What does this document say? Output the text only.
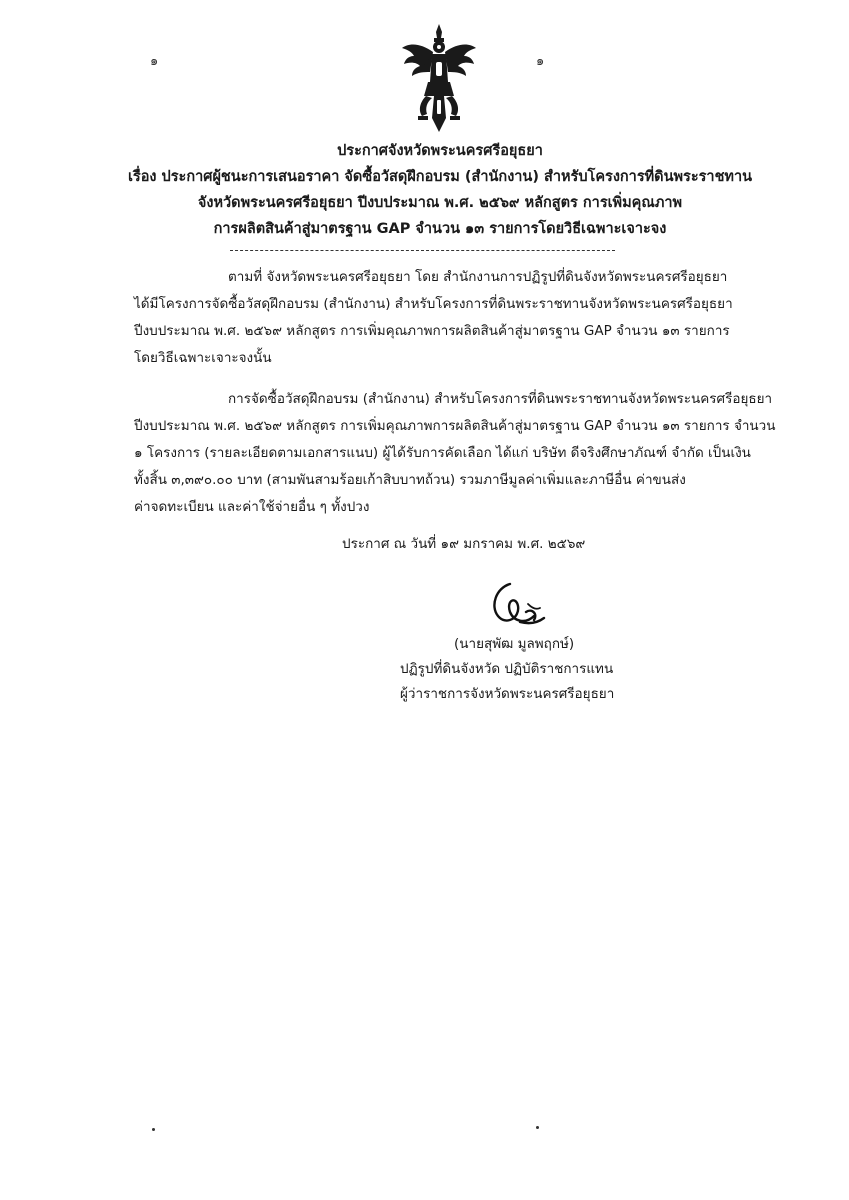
๑	๑
ประกาศจังหวัดพระนครศรีอยุธยา
เรื่อง ประกาศผู้ชนะการเสนอราคา จัดซื้อวัสดุฝึกอบรม (สำนักงาน) สำหรับโครงการที่ดินพระราชทาน
จังหวัดพระนครศรีอยุธยา ปีงบประมาณ พ.ศ. ๒๕๖๙ หลักสูตร การเพิ่มคุณภาพ
การผลิตสินค้าสู่มาตรฐาน GAP จำนวน ๑๓ รายการโดยวิธีเฉพาะเจาะจง
ตามที่ จังหวัดพระนครศรีอยุธยา โดย สำนักงานการปฏิรูปที่ดินจังหวัดพระนครศรีอยุธยา
ได้มีโครงการจัดซื้อวัสดุฝึกอบรม (สำนักงาน) สำหรับโครงการที่ดินพระราชทานจังหวัดพระนครศรีอยุธยา
ปีงบประมาณ พ.ศ. ๒๕๖๙ หลักสูตร การเพิ่มคุณภาพการผลิตสินค้าสู่มาตรฐาน GAP จำนวน ๑๓ รายการ
โดยวิธีเฉพาะเจาะจงนั้น
การจัดซื้อวัสดุฝึกอบรม (สำนักงาน) สำหรับโครงการที่ดินพระราชทานจังหวัดพระนครศรีอยุธยา
ปีงบประมาณ พ.ศ. ๒๕๖๙ หลักสูตร การเพิ่มคุณภาพการผลิตสินค้าสู่มาตรฐาน GAP จำนวน ๑๓ รายการ จำนวน
๑ โครงการ (รายละเอียดตามเอกสารแนบ) ผู้ได้รับการคัดเลือก ได้แก่ บริษัท ดีจริงศึกษาภัณฑ์ จำกัด เป็นเงิน
ทั้งสิ้น ๓,๓๙๐.๐๐ บาท (สามพันสามร้อยเก้าสิบบาทถ้วน) รวมภาษีมูลค่าเพิ่มและภาษีอื่น ค่าขนส่ง
ค่าจดทะเบียน และค่าใช้จ่ายอื่น ๆ ทั้งปวง
ประกาศ ณ วันที่ ๑๙ มกราคม พ.ศ. ๒๕๖๙
(นายสุพัฒ มูลพฤกษ์)
ปฏิรูปที่ดินจังหวัด ปฏิบัติราชการแทน
ผู้ว่าราชการจังหวัดพระนครศรีอยุธยา
